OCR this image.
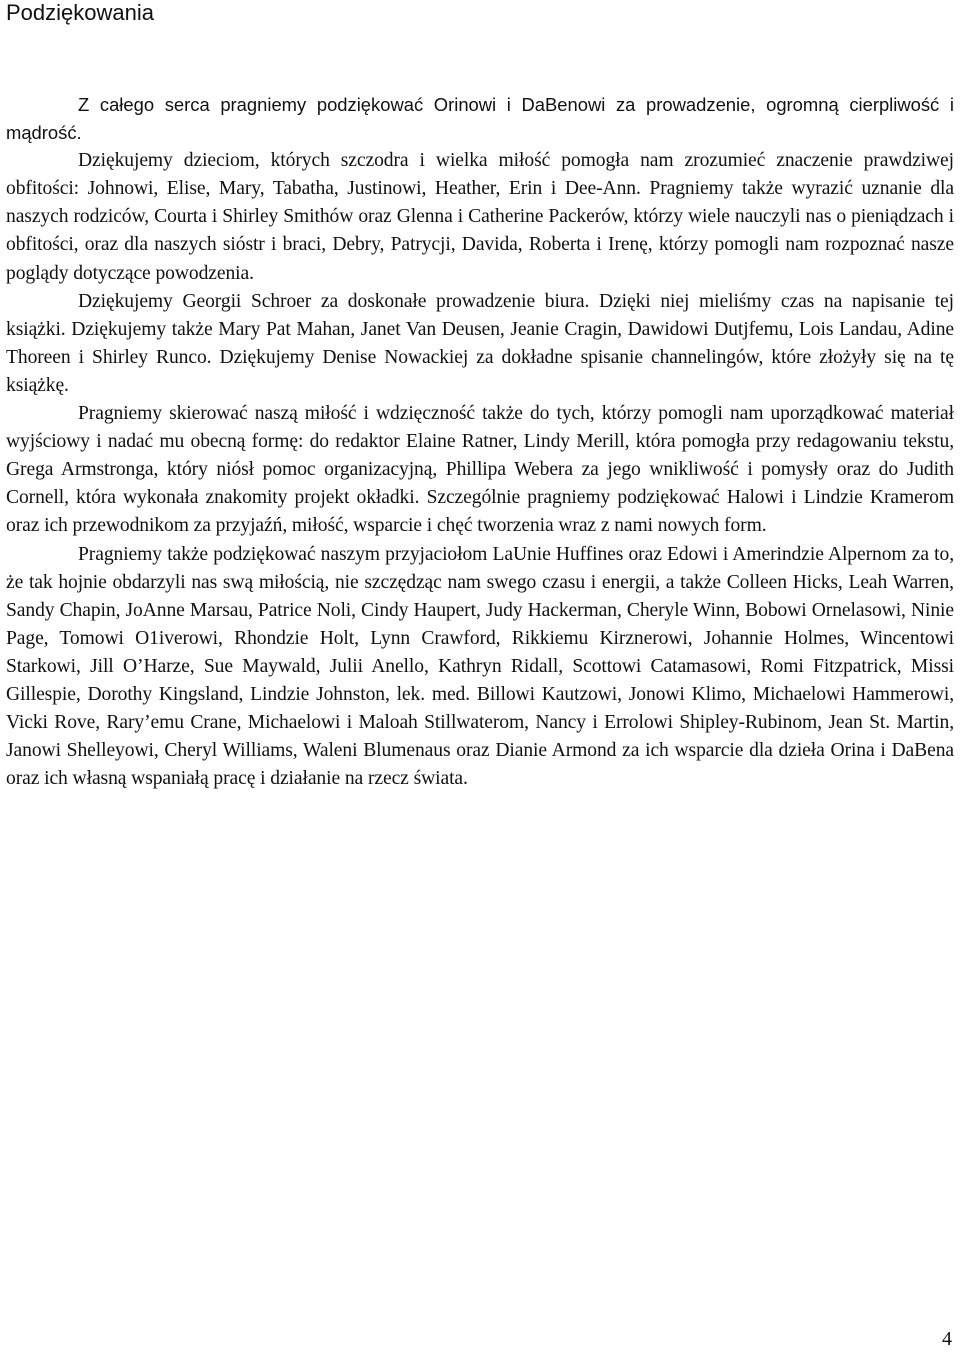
Podziękowania

Z całego serca pragniemy podziękować Orinowi i DaBenowi za prowadzenie, ogromną cierpliwość i mądrość.

Dziękujemy dzieciom, których szczodra i wielka miłość pomogła nam zrozumieć znaczenie prawdziwej obfitości: Johnowi, Elise, Mary, Tabatha, Justinowi, Heather, Erin i Dee-Ann. Pragniemy także wyrazić uznanie dla naszych rodziców, Courta i Shirley Smithów oraz Glenna i Catherine Packerów, którzy wiele nauczyli nas o pieniądzach i obfitości, oraz dla naszych sióstr i braci, Debry, Patrycji, Davida, Roberta i Irenę, którzy pomogli nam rozpoznać nasze poglądy dotyczące powodzenia.

Dziękujemy Georgii Schroer za doskonałe prowadzenie biura. Dzięki niej mieliśmy czas na napisanie tej książki. Dziękujemy także Mary Pat Mahan, Janet Van Deusen, Jeanie Cragin, Dawidowi Dutjfemu, Lois Landau, Adine Thoreen i Shirley Runco. Dziękujemy Denise Nowackiej za dokładne spisanie channelingów, które złożyły się na tę książkę.

Pragniemy skierować naszą miłość i wdzięczność także do tych, którzy pomogli nam uporządkować materiał wyjściowy i nadać mu obecną formę: do redaktor Elaine Ratner, Lindy Merill, która pomogła przy redagowaniu tekstu, Grega Armstronga, który niósł pomoc organizacyjną, Phillipa Webera za jego wnikliwość i pomysły oraz do Judith Cornell, która wykonała znakomity projekt okładki. Szczególnie pragniemy podziękować Halowi i Lindzie Kramerom oraz ich przewodnikom za przyjaźń, miłość, wsparcie i chęć tworzenia wraz z nami nowych form.

Pragniemy także podziękować naszym przyjaciołom LaUnie Huffines oraz Edowi i Amerindzie Alpernom za to, że tak hojnie obdarzyli nas swą miłością, nie szczędząc nam swego czasu i energii, a także Colleen Hicks, Leah Warren, Sandy Chapin, JoAnne Marsau, Patrice Noli, Cindy Haupert, Judy Hackerman, Cheryle Winn, Bobowi Ornelasowi, Ninie Page, Tomowi O1iverowi, Rhondzie Holt, Lynn Crawford, Rikkiemu Kirznerowi, Johannie Holmes, Wincentowi Starkowi, Jill O’Harze, Sue Maywald, Julii Anello, Kathryn Ridall, Scottowi Catamasowi, Romi Fitzpatrick, Missi Gillespie, Dorothy Kingsland, Lindzie Johnston, lek. med. Billowi Kautzowi, Jonowi Klimo, Michaelowi Hammerowi, Vicki Rove, Rary’emu Crane, Michaelowi i Maloah Stillwaterom, Nancy i Errolowi Shipley-Rubinom, Jean St. Martin, Janowi Shelleyowi, Cheryl Williams, Waleni Blumenaus oraz Dianie Armond za ich wsparcie dla dzieła Orina i DaBena oraz ich własną wspaniałą pracę i działanie na rzecz świata.

4
